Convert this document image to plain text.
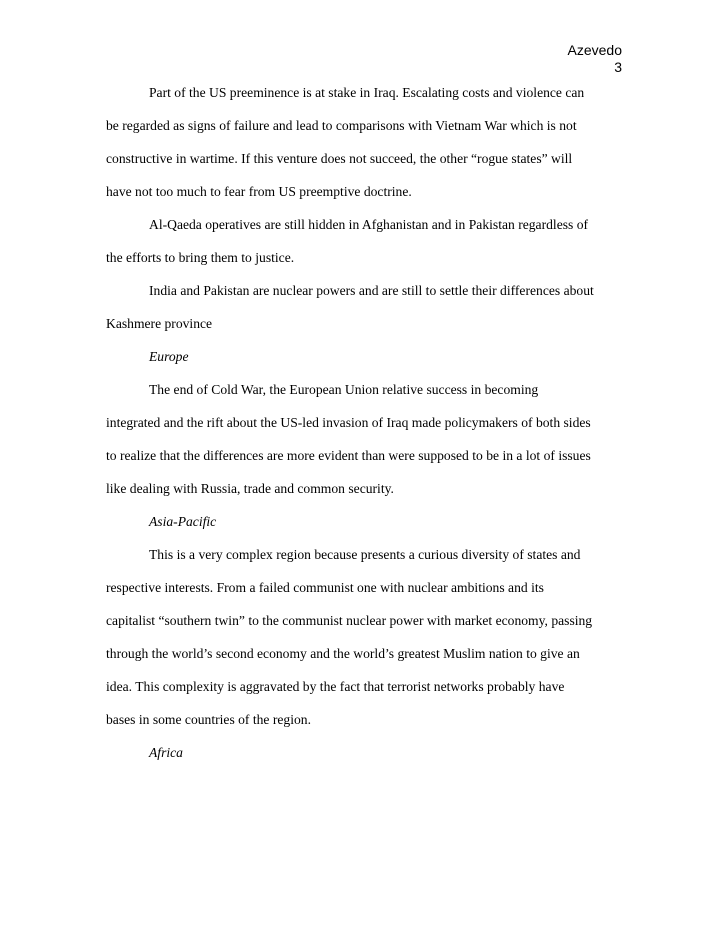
Azevedo
3
Part of the US preeminence is at stake in Iraq. Escalating costs and violence can
be regarded as signs of failure and lead to comparisons with Vietnam War which is not
constructive in wartime. If this venture does not succeed, the other “rogue states” will
have not too much to fear from US preemptive doctrine.
Al-Qaeda operatives are still hidden in Afghanistan and in Pakistan regardless of
the efforts to bring them to justice.
India and Pakistan are nuclear powers and are still to settle their differences about
Kashmere province
Europe
The end of Cold War, the European Union relative success in becoming
integrated and the rift about the US-led invasion of Iraq made policymakers of both sides
to realize that the differences are more evident than were supposed to be in a lot of issues
like dealing with Russia, trade and common security.
Asia-Pacific
This is a very complex region because presents a curious diversity of states and
respective interests. From a failed communist one with nuclear ambitions and its
capitalist “southern twin” to the communist nuclear power with market economy, passing
through the world’s second economy and the world’s greatest Muslim nation to give an
idea. This complexity is aggravated by the fact that terrorist networks probably have
bases in some countries of the region.
Africa
